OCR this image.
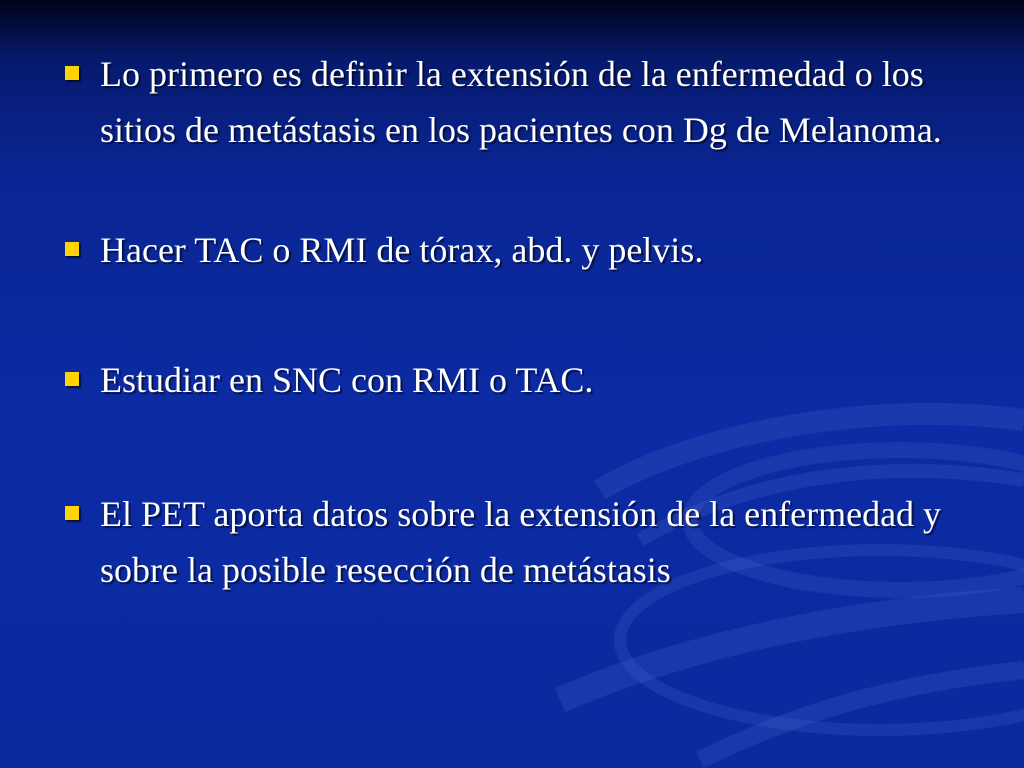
Lo primero es definir la extensión de la enfermedad o los sitios de metástasis en los pacientes con Dg de Melanoma.
Hacer TAC o RMI de tórax, abd. y pelvis.
Estudiar en SNC con RMI o TAC.
El PET aporta datos sobre la extensión de la enfermedad y sobre la posible resección de metástasis
